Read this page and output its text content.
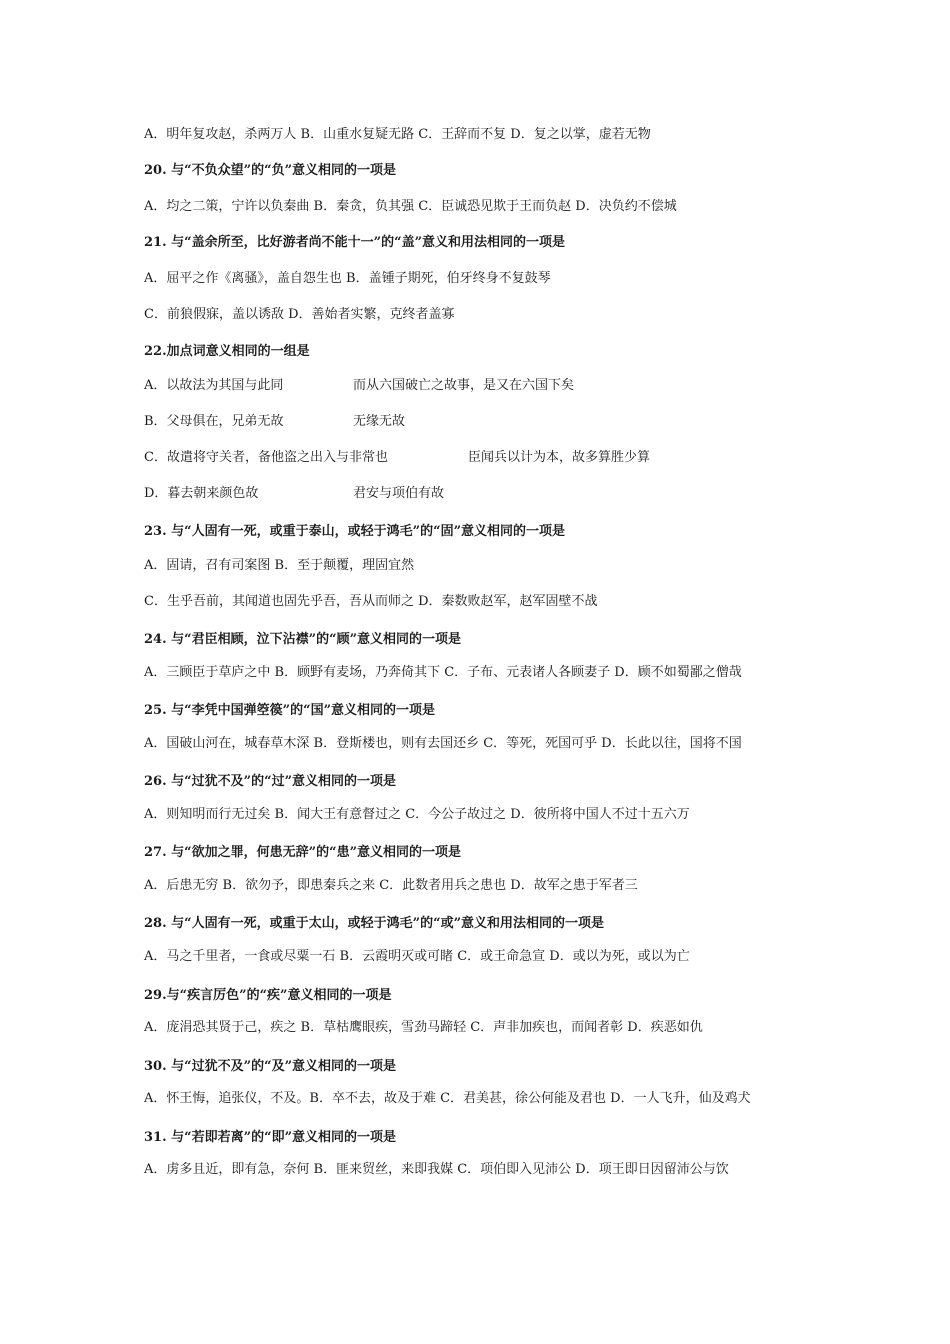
A．明年复攻赵，杀两万人 B．山重水复疑无路 C．王辞而不复 D．复之以掌，虚若无物
20. 与“不负众望”的“负”意义相同的一项是
A．均之二策，宁许以负秦曲 B．秦贪，负其强 C．臣诚恐见欺于王而负赵 D．决负约不偿城
21. 与“盖余所至，比好游者尚不能十一”的“盖”意义和用法相同的一项是
A．屈平之作《离骚》，盖自怨生也 B．盖锺子期死，伯牙终身不复鼓琴
C．前狼假寐，盖以诱敌 D．善始者实繁，克终者盖寡
22.加点词意义相同的一组是
A．以故法为其国与此同	而从六国破亡之故事，是又在六国下矣
B．父母俱在，兄弟无故	无缘无故
C．故遣将守关者，备他盗之出入与非常也	臣闻兵以计为本，故多算胜少算
D．暮去朝来颜色故	君安与项伯有故
23. 与“人固有一死，或重于泰山，或轻于鸿毛”的“固”意义相同的一项是
A．固请，召有司案图 B．至于颠覆，理固宜然
C．生乎吾前，其闻道也固先乎吾，吾从而师之 D．秦数败赵军，赵军固壁不战
24. 与“君臣相顾，泣下沾襟”的“顾”意义相同的一项是
A．三顾臣于草庐之中 B．顾野有麦场，乃奔倚其下 C．子布、元表诸人各顾妻子 D．顾不如蜀鄙之僧哉
25. 与“李凭中国弹箜篌”的“国”意义相同的一项是
A．国破山河在，城春草木深 B．登斯楼也，则有去国还乡 C．等死，死国可乎 D．长此以往，国将不国
26. 与“过犹不及”的“过”意义相同的一项是
A．则知明而行无过矣 B．闻大王有意督过之 C．今公子故过之 D．彼所将中国人不过十五六万
27. 与“欲加之罪，何患无辞”的“患”意义相同的一项是
A．后患无穷 B．欲勿予，即患秦兵之来 C．此数者用兵之患也 D．故军之患于军者三
28. 与“人固有一死，或重于太山，或轻于鸿毛”的“或”意义和用法相同的一项是
A．马之千里者，一食或尽粟一石 B．云霞明灭或可睹 C．或王命急宣 D．或以为死，或以为亡
29.与“疾言厉色”的“疾”意义相同的一项是
A．庞涓恐其贤于己，疾之 B．草枯鹰眼疾，雪劲马蹄轻 C．声非加疾也，而闻者彰 D．疾恶如仇
30. 与“过犹不及”的“及”意义相同的一项是
A．怀王悔，追张仪，不及。B．卒不去，故及于难 C．君美甚，徐公何能及君也 D．一人飞升，仙及鸡犬
31. 与“若即若离”的“即”意义相同的一项是
A．虏多且近，即有急，奈何 B．匪来贸丝，来即我媒 C．项伯即入见沛公 D．项王即日因留沛公与饮
